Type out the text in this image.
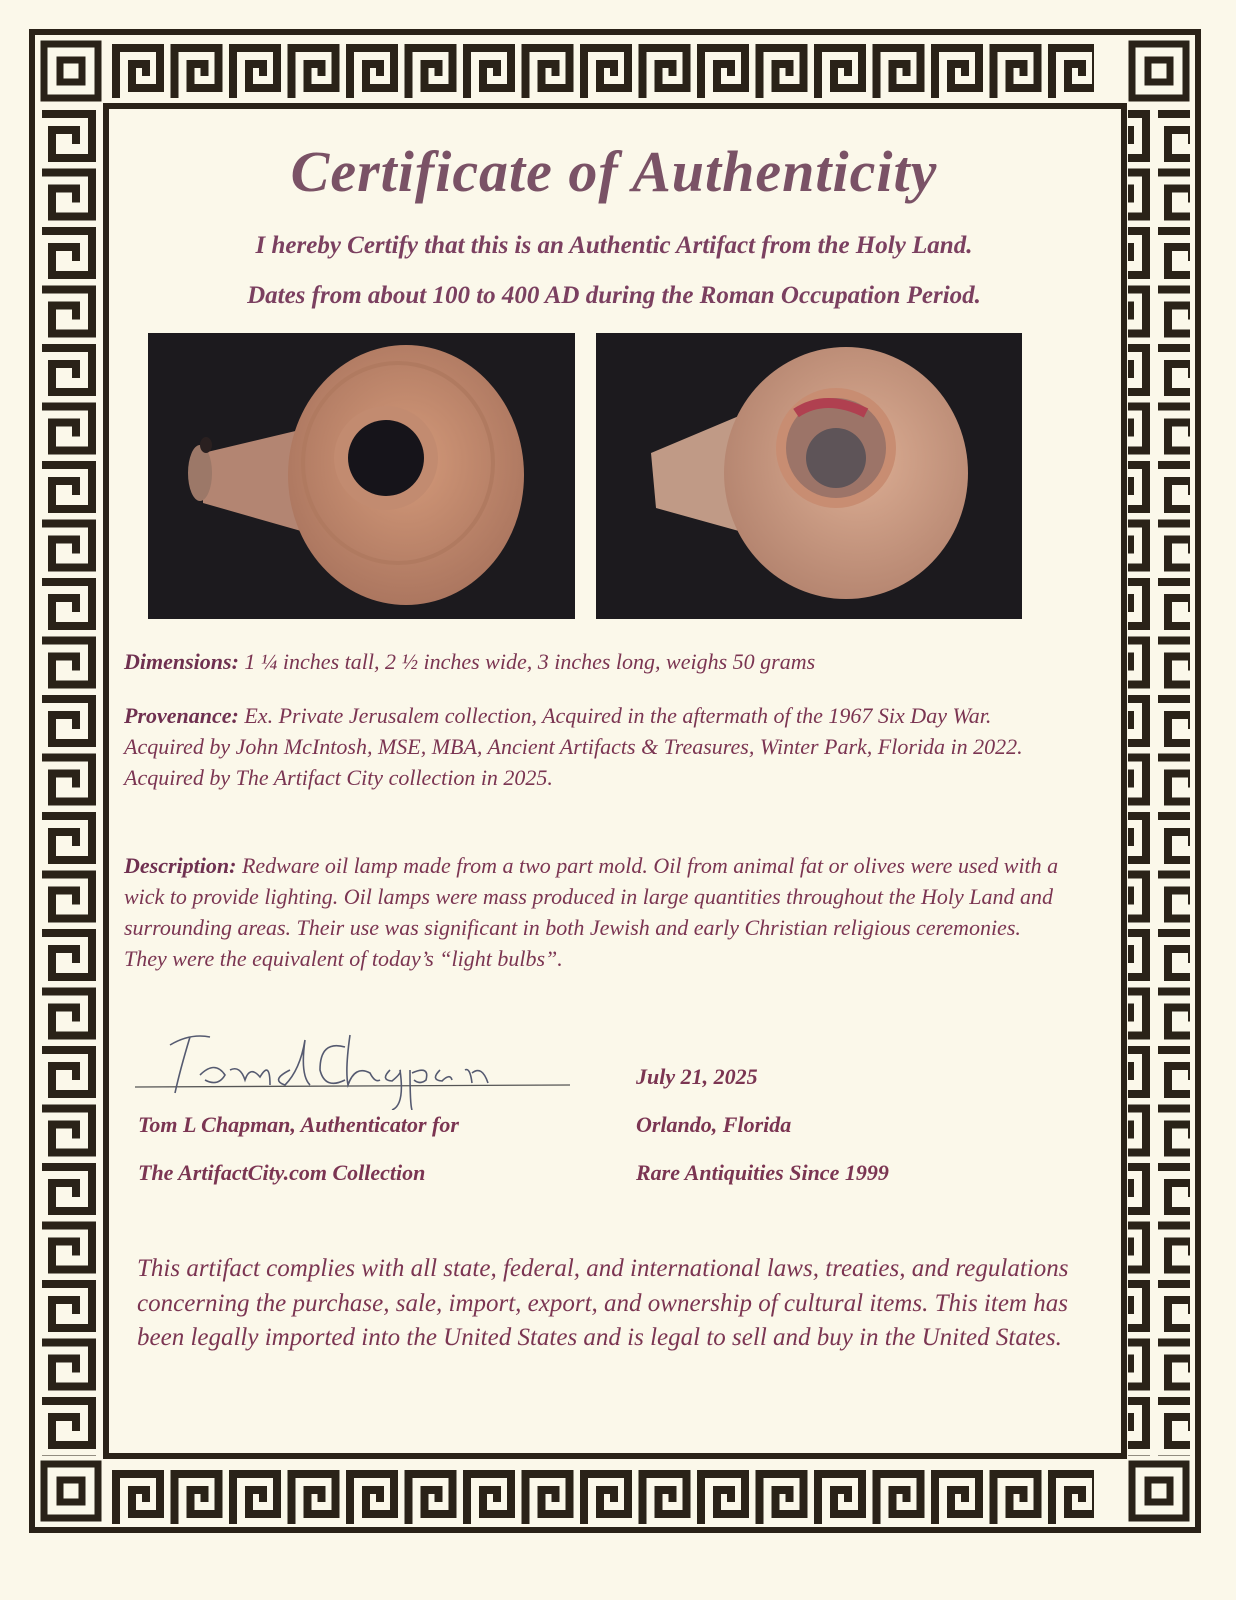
Certificate of Authenticity
I hereby Certify that this is an Authentic Artifact from the Holy Land.
Dates from about 100 to 400 AD during the Roman Occupation Period.
Dimensions: 1 ¼ inches tall, 2 ½ inches wide, 3 inches long, weighs 50 grams
Provenance: Ex. Private Jerusalem collection, Acquired in the aftermath of the 1967 Six Day War. Acquired by John McIntosh, MSE, MBA, Ancient Artifacts & Treasures, Winter Park, Florida in 2022. Acquired by The Artifact City collection in 2025.
Description: Redware oil lamp made from a two part mold. Oil from animal fat or olives were used with a wick to provide lighting. Oil lamps were mass produced in large quantities throughout the Holy Land and surrounding areas. Their use was significant in both Jewish and early Christian religious ceremonies. They were the equivalent of today’s “light bulbs”.
Tom L Chapman, Authenticator for
The ArtifactCity.com Collection
July 21, 2025
Orlando, Florida
Rare Antiquities Since 1999
This artifact complies with all state, federal, and international laws, treaties, and regulations concerning the purchase, sale, import, export, and ownership of cultural items. This item has been legally imported into the United States and is legal to sell and buy in the United States.
